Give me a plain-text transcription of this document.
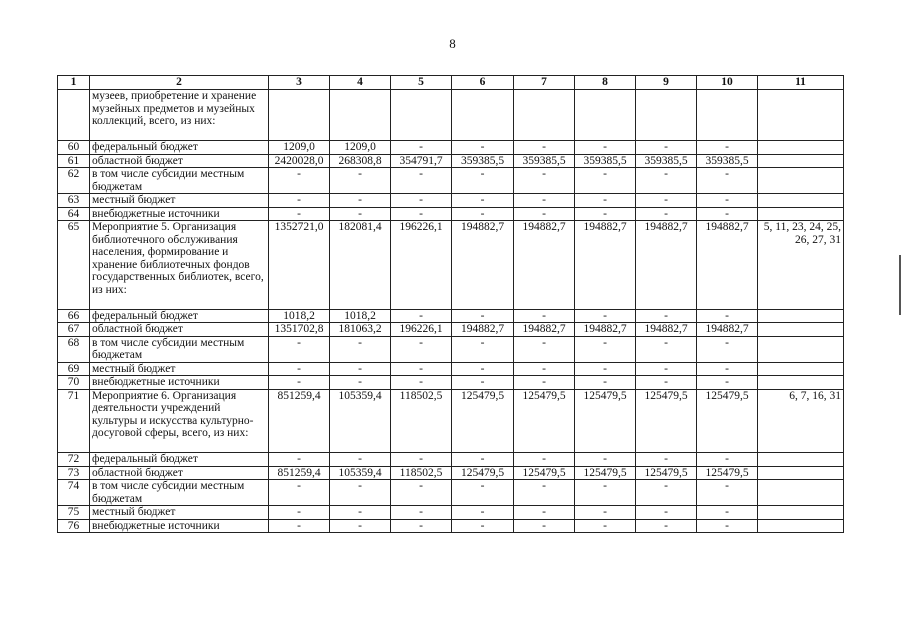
8
1	2	3	4	5	6	7	8	9	10	11
	музеев, приобретение и хранение музейных предметов и музейных коллекций, всего, из них:									
60	федеральный бюджет	1209,0	1209,0	-	-	-	-	-	-	
61	областной бюджет	2420028,0	268308,8	354791,7	359385,5	359385,5	359385,5	359385,5	359385,5	
62	в том числе субсидии местным бюджетам	-	-	-	-	-	-	-	-	
63	местный бюджет	-	-	-	-	-	-	-	-	
64	внебюджетные источники	-	-	-	-	-	-	-	-	
65	Мероприятие 5. Организация библиотечного обслуживания населения, формирование и хранение библиотечных фондов государственных библиотек, всего, из них:	1352721,0	182081,4	196226,1	194882,7	194882,7	194882,7	194882,7	194882,7	5, 11, 23, 24, 25, 26, 27, 31
66	федеральный бюджет	1018,2	1018,2	-	-	-	-	-	-	
67	областной бюджет	1351702,8	181063,2	196226,1	194882,7	194882,7	194882,7	194882,7	194882,7	
68	в том числе субсидии местным бюджетам	-	-	-	-	-	-	-	-	
69	местный бюджет	-	-	-	-	-	-	-	-	
70	внебюджетные источники	-	-	-	-	-	-	-	-	
71	Мероприятие 6. Организация деятельности учреждений культуры и искусства культурно-досуговой сферы, всего, из них:	851259,4	105359,4	118502,5	125479,5	125479,5	125479,5	125479,5	125479,5	6, 7, 16, 31
72	федеральный бюджет	-	-	-	-	-	-	-	-	
73	областной бюджет	851259,4	105359,4	118502,5	125479,5	125479,5	125479,5	125479,5	125479,5	
74	в том числе субсидии местным бюджетам	-	-	-	-	-	-	-	-	
75	местный бюджет	-	-	-	-	-	-	-	-	
76	внебюджетные источники	-	-	-	-	-	-	-	-	
